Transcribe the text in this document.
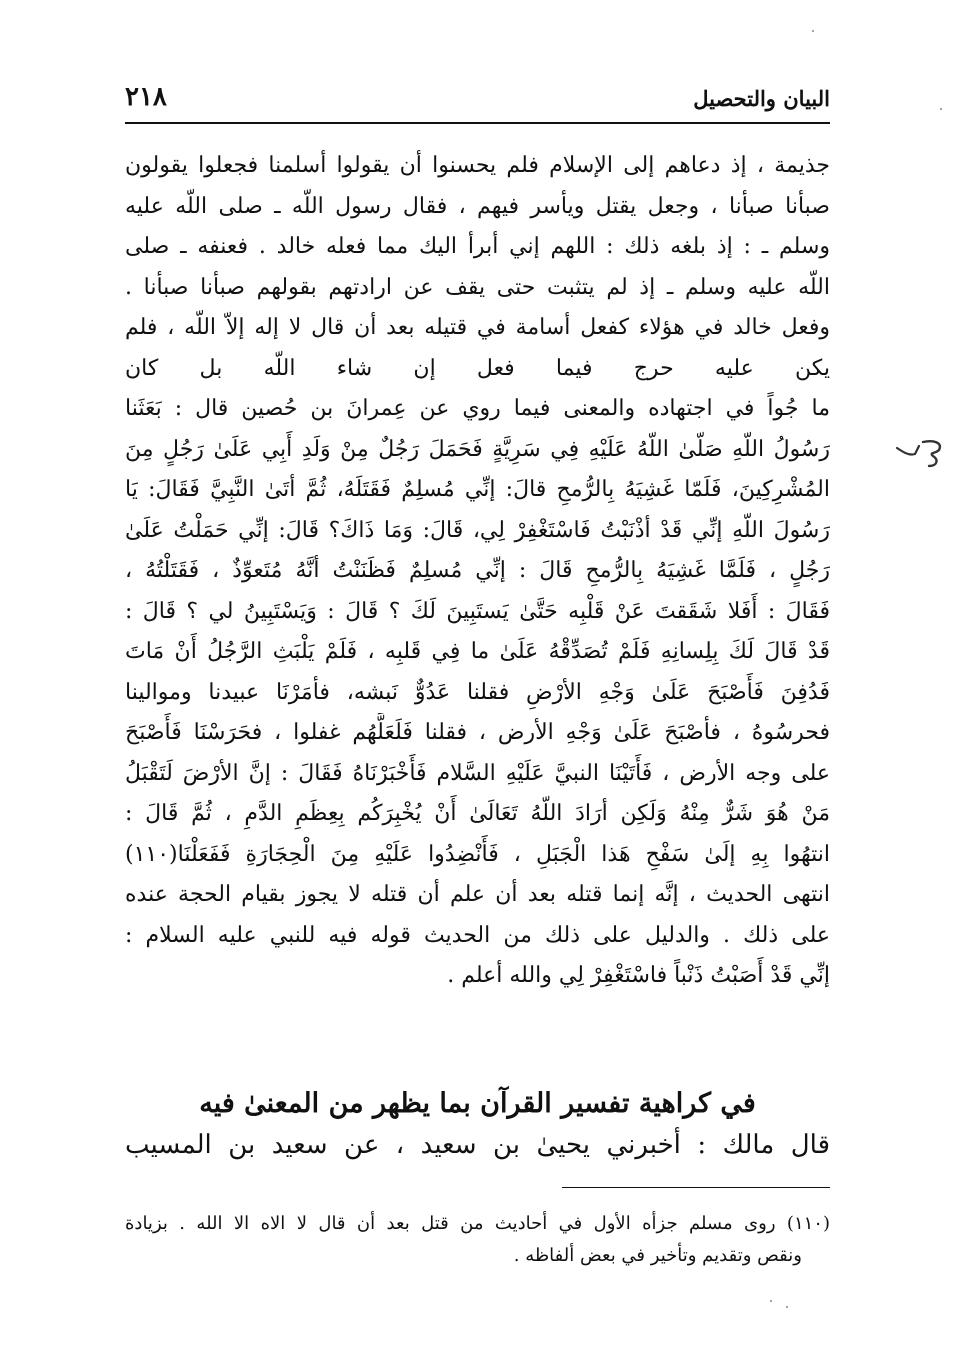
٢١٨	البيان والتحصيل
جذيمة ، إذ دعاهم إلى الإسلام فلم يحسنوا أن يقولوا أسلمنا فجعلوا يقولون
صبأنا صبأنا ، وجعل يقتل ويأسر فيهم ، فقال رسول اللّه ـ صلى اللّه عليه
وسلم ـ : إذ بلغه ذلك : اللهم إني أبرأ اليك مما فعله خالد . فعنفه ـ صلى
اللّه عليه وسلم ـ إذ لم يتثبت حتى يقف عن ارادتهم بقولهم صبأنا صبأنا .
وفعل خالد في هؤلاء كفعل أسامة في قتيله بعد أن قال لا إله إلاّ اللّه ، فلم
يكن عليه حرج فيما فعل إن شاء اللّه بل كان
ما جُواً في اجتهاده والمعنى فيما روي عن عِمرانَ بن حُصين قال : بَعَثَنا
رَسُولُ اللّهِ صَلّىٰ اللّهُ عَلَيْهِ فِي سَرِيَّةٍ فَحَمَلَ رَجُلٌ مِنْ وَلَدِ أَبِي عَلَىٰ رَجُلٍ مِنَ
المُشْرِكِينَ، فَلَمّا غَشِيَهُ بِالرُّمحِ قالَ: إنِّي مُسلِمٌ فَقَتَلَهُ، ثُمَّ أتَىٰ النَّبِيَّ فَقَالَ: يَا
رَسُولَ اللّهِ إنِّي قَدْ أذْنَبْتُ فَاسْتَغْفِرْ لِي، قَالَ: وَمَا ذَاكَ؟ قَالَ: إنِّي حَمَلْتُ عَلَىٰ
رَجُلٍ ، فَلَمَّا غَشِيَهُ بِالرُّمحِ قَالَ : إنِّي مُسلِمٌ فَظَنَنْتُ أنَّهُ مُتَعوِّذٌ ، فَقَتَلْتُهُ ،
فَقَالَ : أَفَلا شَقَقتَ عَنْ قَلْبِه حَتَّىٰ يَستَبِينَ لَكَ ؟ قَالَ : وَيَسْتَبِينُ لي ؟ قَالَ :
قَدْ قَالَ لَكَ بِلِسانِهِ فَلَمْ تُصَدِّقْهُ عَلَىٰ ما فِي قَلبِه ، فَلَمْ يَلْبَثِ الرَّجُلُ أَنْ مَاتَ
فَدُفِنَ فَأَصْبَحَ عَلَىٰ وَجْهِ الأرْضِ فقلنا عَدُوٌّ نَبشه، فأمَرْنَا عبيدنا وموالينا
فحرسُوهُ ، فأصْبَحَ عَلَىٰ وَجْهِ الأرض ، فقلنا فَلَعَلَّهُم غفلوا ، فحَرَسْنَا فَأَصْبَحَ
على وجه الأرض ، فَأَتَيْنَا النبيَّ عَلَيْهِ السَّلام فَأَخْبَرْنَاهُ فَقَالَ : إنَّ الأرْضَ لَتَقْبَلُ
مَنْ هُوَ شَرٌّ مِنْهُ وَلَكِن أرَادَ اللّهُ تَعَالَىٰ أَنْ يُخْبِرَكُم بِعِظَمِ الدَّمِ ، ثُمَّ قَالَ :
انتهُوا بِهِ إلَىٰ سَفْحِ هَذا الْجَبَلِ ، فَأَنْضِدُوا عَلَيْهِ مِنَ الْحِجَارَةِ فَفَعَلْنَا(١١٠)
انتهى الحديث ، إنَّه إنما قتله بعد أن علم أن قتله لا يجوز بقيام الحجة عنده
على ذلك . والدليل على ذلك من الحديث قوله فيه للنبي عليه السلام :
إنِّي قَدْ أَصَبْتُ ذَنْباً فاسْتَغْفِرْ لِي والله أعلم .
في كراهية تفسير القرآن بما يظهر من المعنىٰ فيه
قال مالك : أخبرني يحيىٰ بن سعيد ، عن سعيد بن المسيب
(١١٠) روى مسلم جزأه الأول في أحاديث من قتل بعد أن قال لا الاه الا الله . بزيادة
ونقص وتقديم وتأخير في بعض ألفاظه .
